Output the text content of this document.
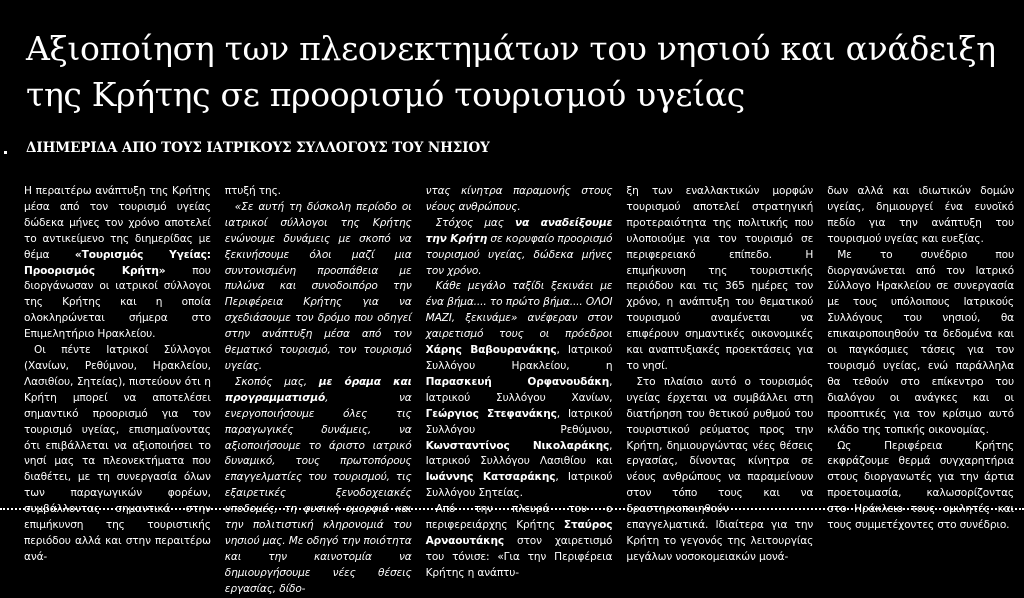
Αξιοποίηση των πλεονεκτημάτων του νησιού και ανάδειξη της Κρήτης σε προορισμό τουρισμού υγείας
ΔΙΗΜΕΡΙΔΑ ΑΠΟ ΤΟΥΣ ΙΑΤΡΙΚΟΥΣ ΣΥΛΛΟΓΟΥΣ ΤΟΥ ΝΗΣΙΟΥ

Η περαιτέρω ανάπτυξη της Κρήτης μέσα από τον τουρισμό υγείας δώδεκα μήνες τον χρόνο αποτελεί το αντικείμενο της διημερίδας με θέμα «Τουρισμός Υγείας: Προορισμός Κρήτη» που διοργάνωσαν οι ιατρικοί σύλλογοι της Κρήτης και η οποία ολοκληρώνεται σήμερα στο Επιμελητήριο Ηρακλείου.

Οι πέντε Ιατρικοί Σύλλογοι (Χανίων, Ρεθύμνου, Ηρακλείου, Λασιθίου, Σητείας), πιστεύουν ότι η Κρήτη μπορεί να αποτελέσει σημαντικό προορισμό για τον τουρισμό υγείας, επισημαίνοντας ότι επιβάλλεται να αξιοποιήσει το νησί μας τα πλεονεκτήματα που διαθέτει, με τη συνεργασία όλων των παραγωγικών φορέων, συμβάλλοντας σημαντικά στην επιμήκυνση της τουριστικής περιόδου αλλά και στην περαιτέρω ανά-

πτυξή της.

«Σε αυτή τη δύσκολη περίοδο οι ιατρικοί σύλλογοι της Κρήτης ενώνουμε δυνάμεις με σκοπό να ξεκινήσουμε όλοι μαζί μια συντονισμένη προσπάθεια με πυλώνα και συνοδοιπόρο την Περιφέρεια Κρήτης για να σχεδιάσουμε τον δρόμο που οδηγεί στην ανάπτυξη μέσα από τον θεματικό τουρισμό, τον τουρισμό υγείας.

Σκοπός μας, με όραμα και προγραμματισμό, να ενεργοποιήσουμε όλες τις παραγωγικές δυνάμεις, να αξιοποιήσουμε το άριστο ιατρικό δυναμικό, τους πρωτοπόρους επαγγελματίες του τουρισμού, τις εξαιρετικές ξενοδοχειακές υποδομές, τη φυσική ομορφιά και την πολιτιστική κληρονομιά του νησιού μας. Με οδηγό την ποιότητα και την καινοτομία να δημιουργήσουμε νέες θέσεις εργασίας, δίδο-

ντας κίνητρα παραμονής στους νέους ανθρώπους.

Στόχος μας να αναδείξουμε την Κρήτη σε κορυφαίο προορισμό τουρισμού υγείας, δώδεκα μήνες τον χρόνο.

Κάθε μεγάλο ταξίδι ξεκινάει με ένα βήμα.... το πρώτο βήμα.... ΟΛΟΙ ΜΑΖΙ, ξεκινάμε» ανέφεραν στον χαιρετισμό τους οι πρόεδροι Χάρης Βαβουρανάκης, Ιατρικού Συλλόγου Ηρακλείου, η Παρασκευή Ορφανουδάκη, Ιατρικού Συλλόγου Χανίων, Γεώργιος Στεφανάκης, Ιατρικού Συλλόγου Ρεθύμνου, Κωνσταντίνος Νικολαράκης, Ιατρικού Συλλόγου Λασιθίου και Ιωάννης Κατσαράκης, Ιατρικού Συλλόγου Σητείας.

Από την πλευρά του ο περιφερειάρχης Κρήτης Σταύρος Αρναουτάκης στον χαιρετισμό του τόνισε: «Για την Περιφέρεια Κρήτης η ανάπτυ-

ξη των εναλλακτικών μορφών τουρισμού αποτελεί στρατηγική προτεραιότητα της πολιτικής που υλοποιούμε για τον τουρισμό σε περιφερειακό επίπεδο. Η επιμήκυνση της τουριστικής περιόδου και τις 365 ημέρες τον χρόνο, η ανάπτυξη του θεματικού τουρισμού αναμένεται να επιφέρουν σημαντικές οικονομικές και αναπτυξιακές προεκτάσεις για το νησί.

Στο πλαίσιο αυτό ο τουρισμός υγείας έρχεται να συμβάλλει στη διατήρηση του θετικού ρυθμού του τουριστικού ρεύματος προς την Κρήτη, δημιουργώντας νέες θέσεις εργασίας, δίνοντας κίνητρα σε νέους ανθρώπους να παραμείνουν στον τόπο τους και να δραστηριοποιηθούν επαγγελματικά. Ιδιαίτερα για την Κρήτη το γεγονός της λειτουργίας μεγάλων νοσοκομειακών μονά-

δων αλλά και ιδιωτικών δομών υγείας, δημιουργεί ένα ευνοϊκό πεδίο για την ανάπτυξη του τουρισμού υγείας και ευεξίας.

Με το συνέδριο που διοργανώνεται από τον Ιατρικό Σύλλογο Ηρακλείου σε συνεργασία με τους υπόλοιπους Ιατρικούς Συλλόγους του νησιού, θα επικαιροποιηθούν τα δεδομένα και οι παγκόσμιες τάσεις για τον τουρισμό υγείας, ενώ παράλληλα θα τεθούν στο επίκεντρο του διαλόγου οι ανάγκες και οι προοπτικές για τον κρίσιμο αυτό κλάδο της τοπικής οικονομίας.

Ως Περιφέρεια Κρήτης εκφράζουμε θερμά συγχαρητήρια στους διοργανωτές για την άρτια προετοιμασία, καλωσορίζοντας στο Ηράκλειο τους ομιλητές και τους συμμετέχοντες στο συνέδριο.
